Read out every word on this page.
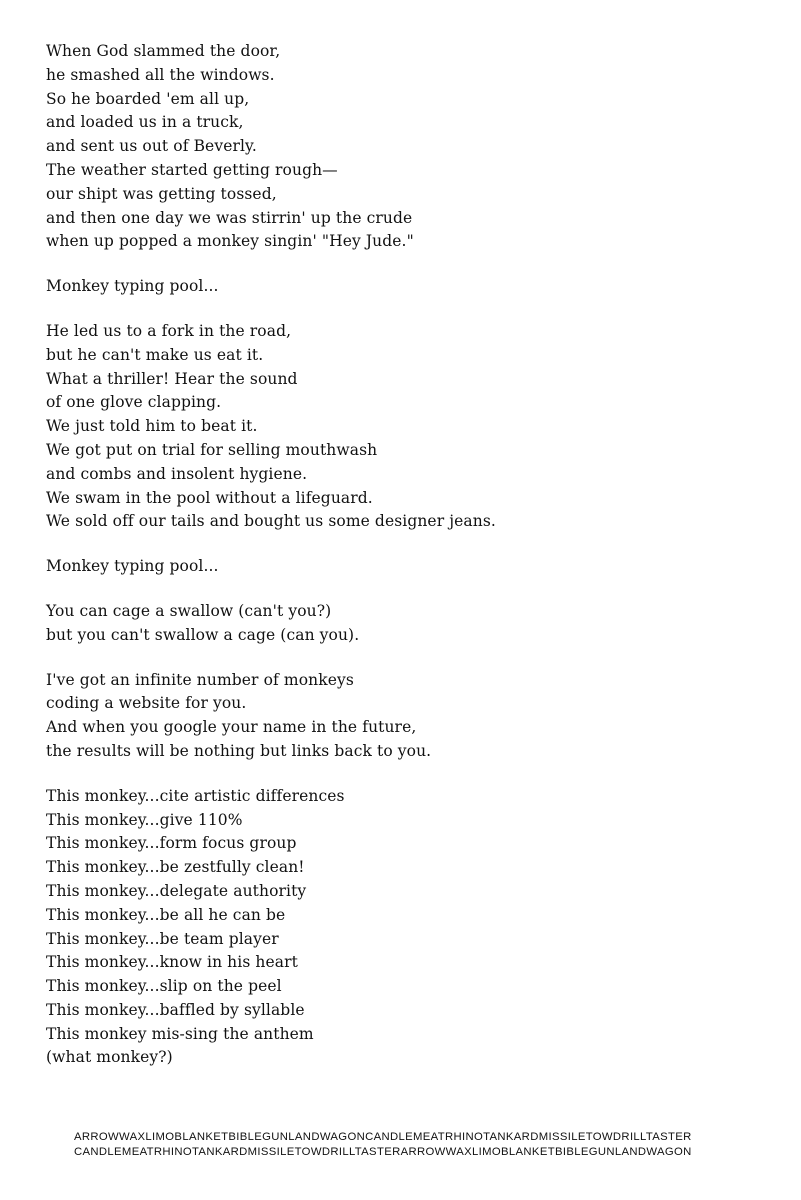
When God slammed the door,
he smashed all the windows.
So he boarded 'em all up,
and loaded us in a truck,
and sent us out of Beverly.
The weather started getting rough—
our shipt was getting tossed,
and then one day we was stirrin' up the crude
when up popped a monkey singin' "Hey Jude."
Monkey typing pool...
He led us to a fork in the road,
but he can't make us eat it.
What a thriller! Hear the sound
of one glove clapping.
We just told him to beat it.
We got put on trial for selling mouthwash
and combs and insolent hygiene.
We swam in the pool without a lifeguard.
We sold off our tails and bought us some designer jeans.
Monkey typing pool...
You can cage a swallow (can't you?)
but you can't swallow a cage (can you).
I've got an infinite number of monkeys
coding a website for you.
And when you google your name in the future,
the results will be nothing but links back to you.
This monkey...cite artistic differences
This monkey...give 110%
This monkey...form focus group
This monkey...be zestfully clean!
This monkey...delegate authority
This monkey...be all he can be
This monkey...be team player
This monkey...know in his heart
This monkey...slip on the peel
This monkey...baffled by syllable
This monkey mis-sing the anthem
(what monkey?)
ARROWWAXLIMOBLANKETBIBLEGUNLANDWAGONCANDLEMEATRHINOTANKARDMISSILETOWDRILLTASTER
CANDLEMEATRHINOTANKARDMISSILETOWDRILLTASTERARROWWAXLIMOBLANKETBIBLEGUNLANDWAGON
